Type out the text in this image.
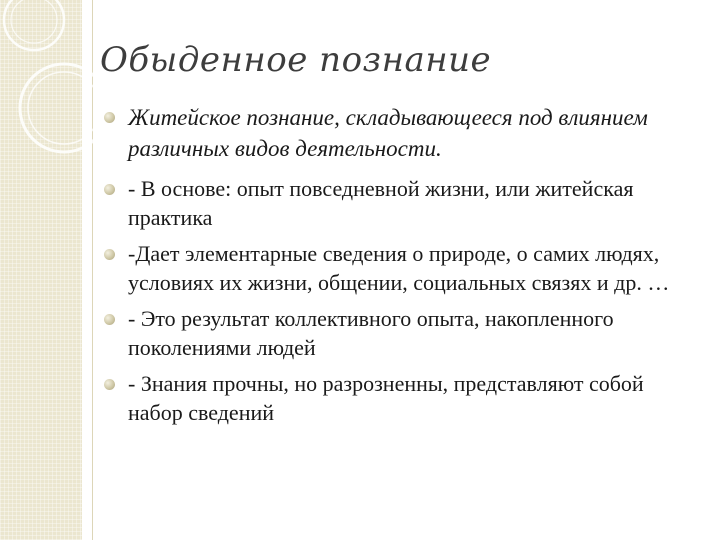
Обыденное познание
Житейское познание, складывающееся под влиянием различных видов деятельности.
- В основе: опыт повседневной жизни, или житейская практика
-Дает элементарные сведения о природе, о самих людях, условиях их жизни, общении, социальных связях и др. …
- Это результат коллективного опыта, накопленного поколениями людей
- Знания прочны, но разрозненны, представляют собой набор сведений
